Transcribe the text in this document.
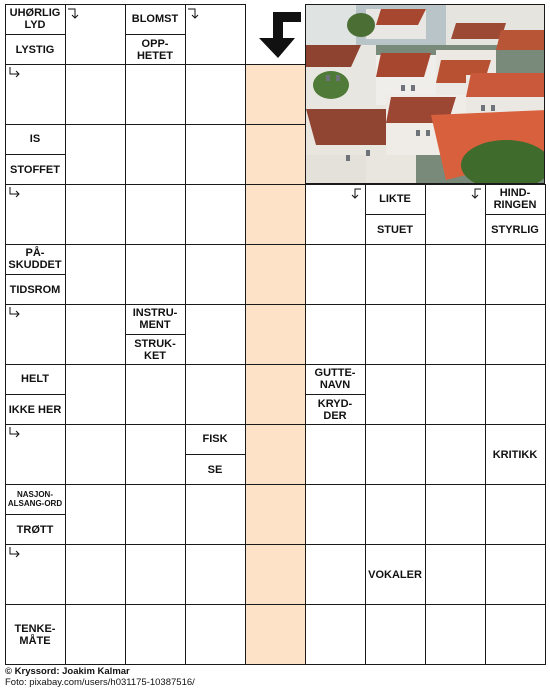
TENKE-MÅTE
VOKALER
NASJON-ALSANG-ORD
TRØTT
KRITIKK
FISK
SE
GUTTE-NAVN
KRYD-DER
HELT
IKKE HER
INSTRU-MENT
STRUK-KET
PÅ-SKUDDET
TIDSROM
HIND-RINGEN
STYRLIG
LIKTE
STUET
IS
STOFFET
BLOMST
OPP-HETET
UHØRLIG LYD
LYSTIG
© Kryssord: Joakim Kalmar
Foto: pixabay.com/users/h031175-10387516/
